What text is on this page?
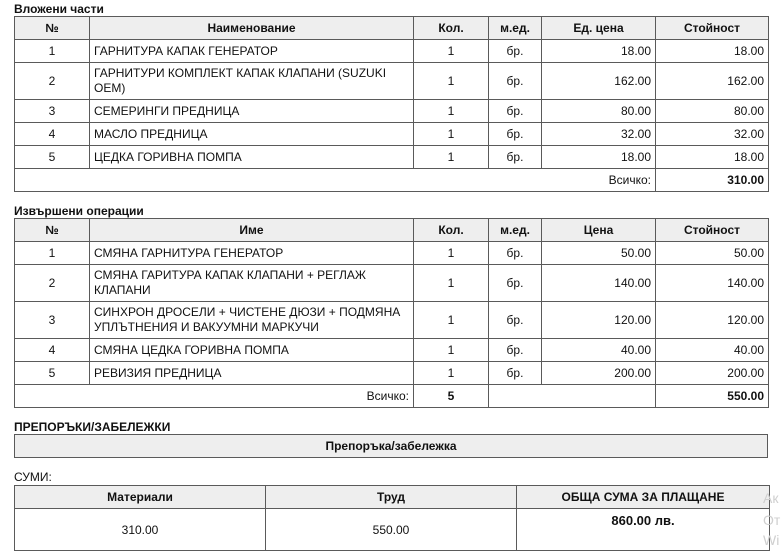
Вложени части
№	Наименование	Кол.	м.ед.	Ед. цена	Стойност
1	ГАРНИТУРА КАПАК ГЕНЕРАТОР	1	бр.	18.00	18.00
2	ГАРНИТУРИ КОМПЛЕКТ КАПАК КЛАПАНИ (SUZUKI OEM)	1	бр.	162.00	162.00
3	СЕМЕРИНГИ ПРЕДНИЦА	1	бр.	80.00	80.00
4	МАСЛО ПРЕДНИЦА	1	бр.	32.00	32.00
5	ЦЕДКА ГОРИВНА ПОМПА	1	бр.	18.00	18.00
Всичко:					310.00
Извършени операции
№	Име	Кол.	м.ед.	Цена	Стойност
1	СМЯНА ГАРНИТУРА ГЕНЕРАТОР	1	бр.	50.00	50.00
2	СМЯНА ГАРИТУРА КАПАК КЛАПАНИ + РЕГЛАЖ КЛАПАНИ	1	бр.	140.00	140.00
3	СИНХРОН ДРОСЕЛИ + ЧИСТЕНЕ ДЮЗИ + ПОДМЯНА УПЛЪТНЕНИЯ И ВАКУУМНИ МАРКУЧИ	1	бр.	120.00	120.00
4	СМЯНА ЦЕДКА ГОРИВНА ПОМПА	1	бр.	40.00	40.00
5	РЕВИЗИЯ ПРЕДНИЦА	1	бр.	200.00	200.00
Всичко:		5			550.00
ПРЕПОРЪКИ/ЗАБЕЛЕЖКИ
Препоръка/забележка
СУМИ:
Материали	Труд	ОБЩА СУМА ЗА ПЛАЩАНЕ
310.00	550.00	860.00 лв.
Ак
От
Wi
